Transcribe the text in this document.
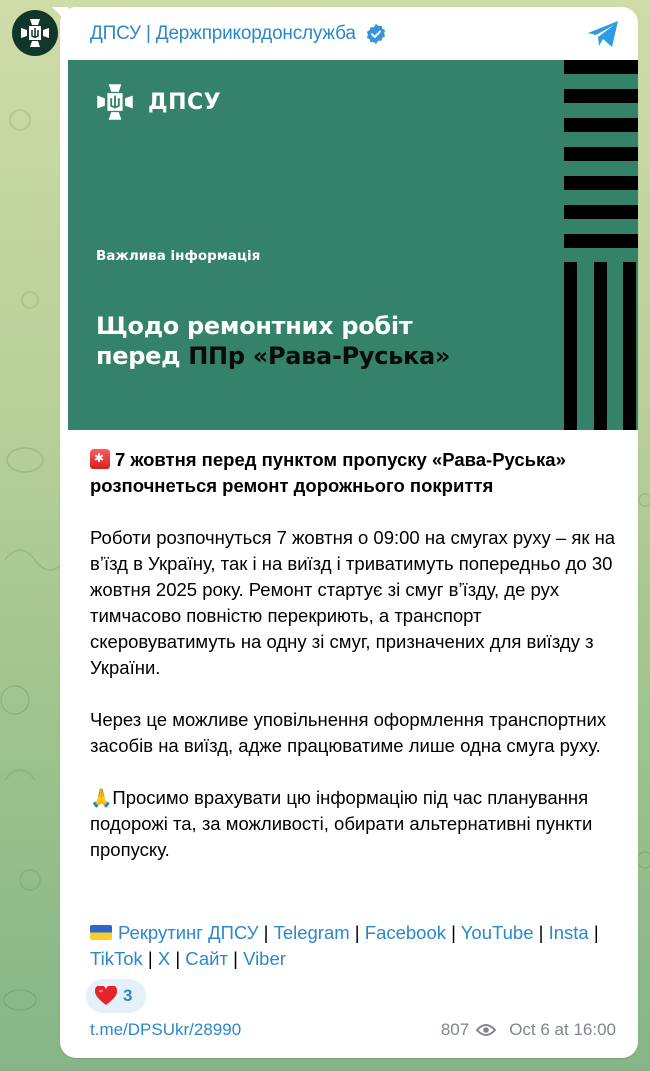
ДПСУ | Держприкордонслужба
ДПСУ
Важлива інформація
Щодо ремонтних робіт
перед ППр «Рава-Руська»

✱7 жовтня перед пунктом пропуску «Рава-Руська» розпочнеться ремонт дорожнього покриття

Роботи розпочнуться 7 жовтня о 09:00 на смугах руху – як на вʼїзд в Україну, так і на виїзд і триватимуть попередньо до 30 жовтня 2025 року. Ремонт стартує зі смуг вʼїзду, де рух тимчасово повністю перекриють, а транспорт скеровуватимуть на одну зі смуг, призначених для виїзду з України.

Через це можливе уповільнення оформлення транспортних засобів на виїзд, адже працюватиме лише одна смуга руху.

🙏Просимо врахувати цю інформацію під час планування подорожі та, за можливості, обирати альтернативні пункти пропуску.

Рекрутинг ДПСУ | Telegram | Facebook | YouTube | Insta | TikTok | X | Сайт | Viber
3
t.me/DPSUkr/28990	807 Oct 6 at 16:00
